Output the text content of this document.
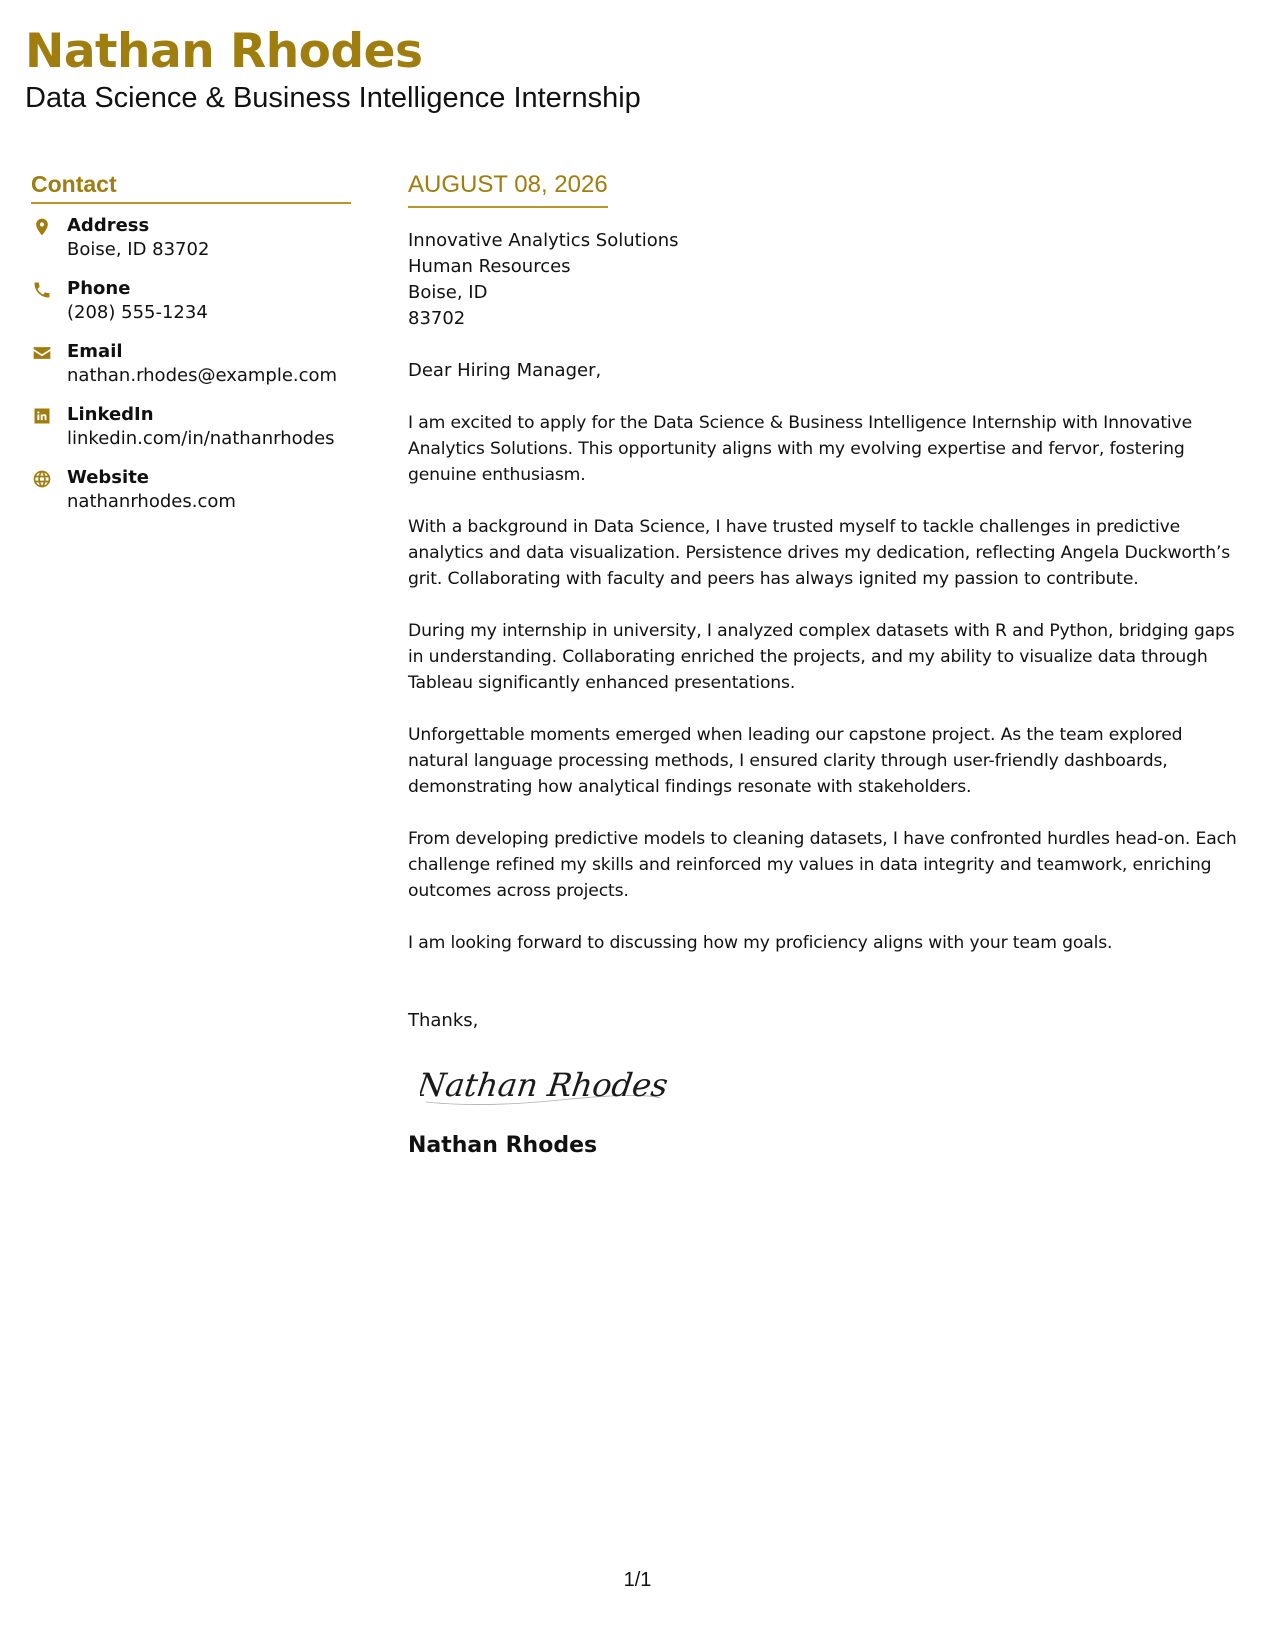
Nathan Rhodes
Data Science & Business Intelligence Internship
Contact
Address
Boise, ID 83702
Phone
(208) 555-1234
Email
nathan.rhodes@example.com
LinkedIn
linkedin.com/in/nathanrhodes
Website
nathanrhodes.com
AUGUST 08, 2026
Innovative Analytics Solutions
Human Resources
Boise, ID
83702
Dear Hiring Manager,

I am excited to apply for the Data Science & Business Intelligence Internship with Innovative Analytics Solutions. This opportunity aligns with my evolving expertise and fervor, fostering genuine enthusiasm.

With a background in Data Science, I have trusted myself to tackle challenges in predictive analytics and data visualization. Persistence drives my dedication, reflecting Angela Duckworth’s grit. Collaborating with faculty and peers has always ignited my passion to contribute.

During my internship in university, I analyzed complex datasets with R and Python, bridging gaps in understanding. Collaborating enriched the projects, and my ability to visualize data through Tableau significantly enhanced presentations.

Unforgettable moments emerged when leading our capstone project. As the team explored natural language processing methods, I ensured clarity through user-friendly dashboards, demonstrating how analytical findings resonate with stakeholders.

From developing predictive models to cleaning datasets, I have confronted hurdles head-on. Each challenge refined my skills and reinforced my values in data integrity and teamwork, enriching outcomes across projects.

I am looking forward to discussing how my proficiency aligns with your team goals.

Thanks,
Nathan Rhodes
Nathan Rhodes
1/1
